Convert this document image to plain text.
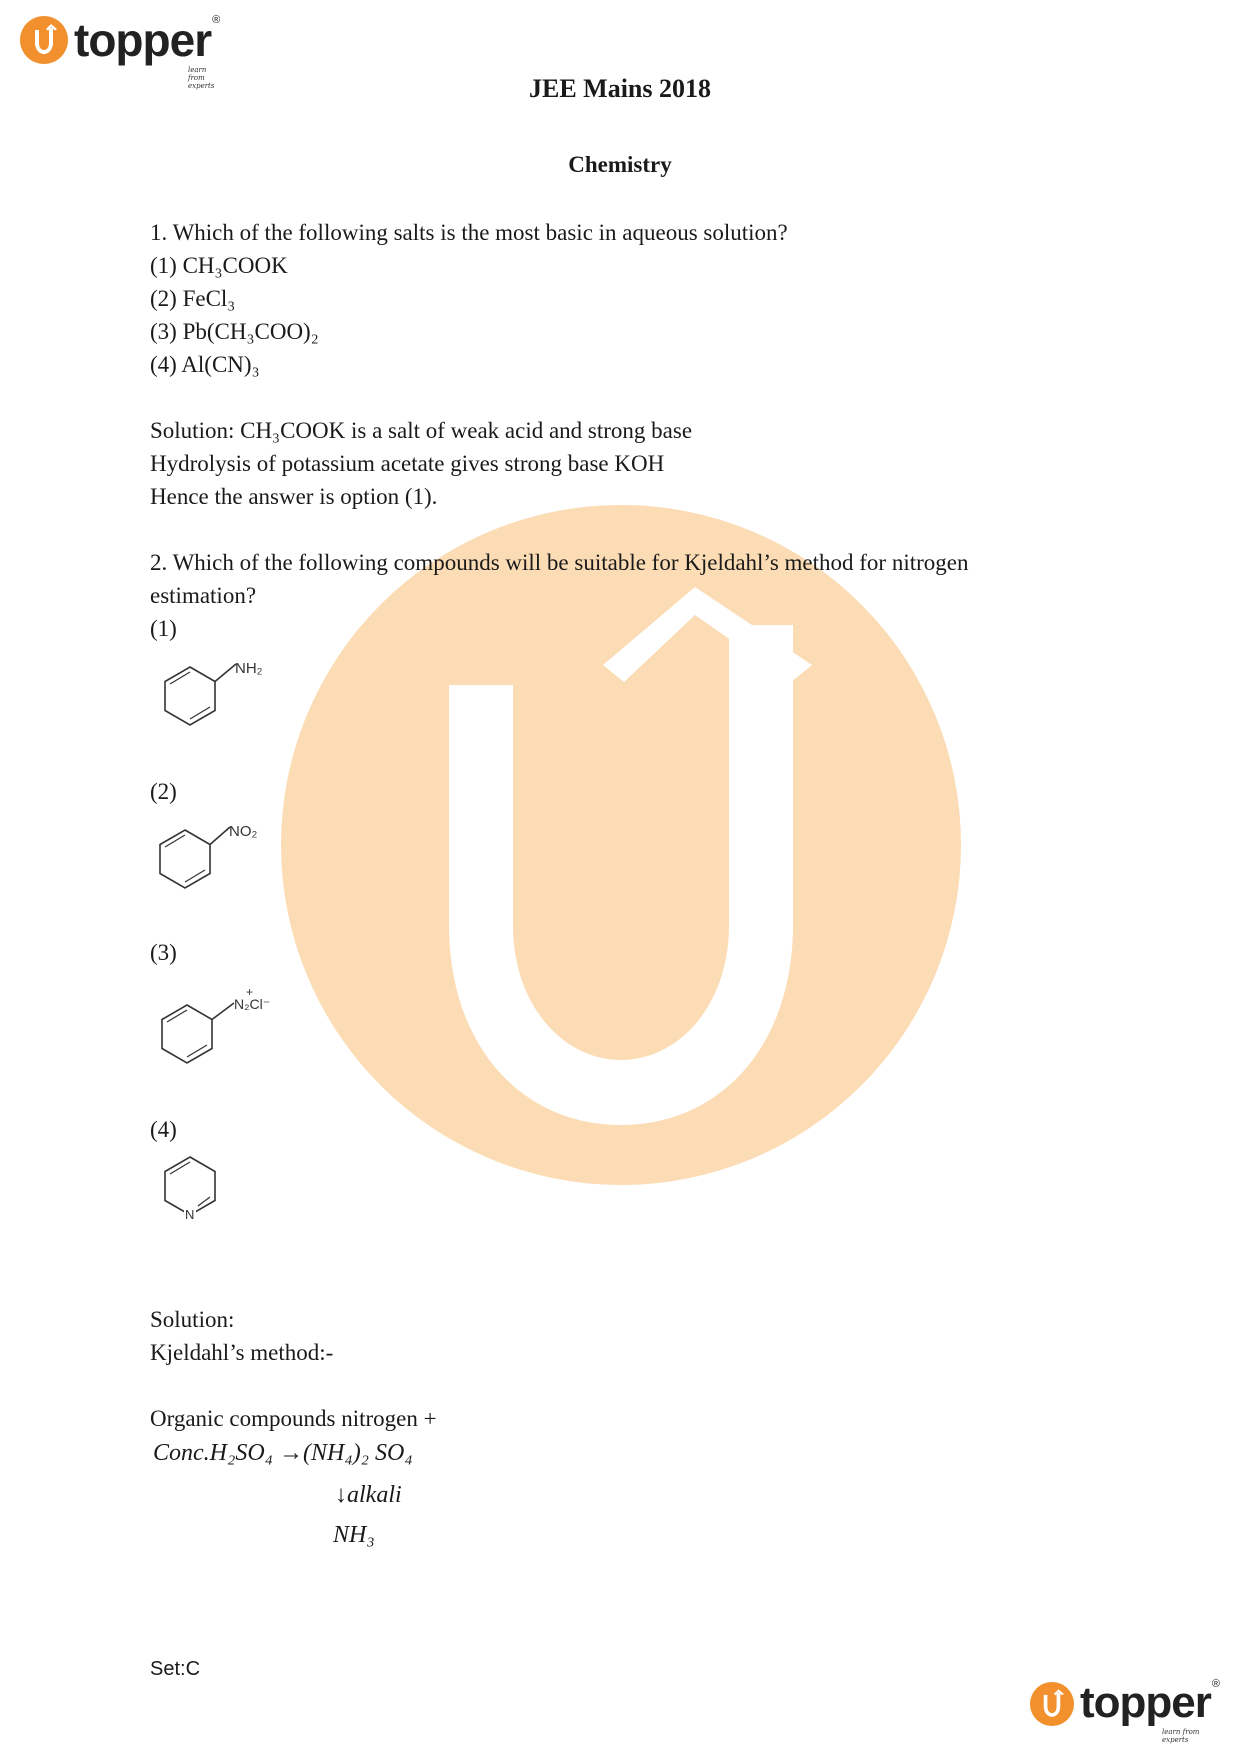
topper ®
learn from experts	JEE Mains 2018
Chemistry
1. Which of the following salts is the most basic in aqueous solution?
(1) CH₃COOK
(2) FeCl₃
(3) Pb(CH₃COO)₂
(4) Al(CN)₃
Solution: CH₃COOK is a salt of weak acid and strong base
Hydrolysis of potassium acetate gives strong base KOH
Hence the answer is option (1).
2. Which of the following compounds will be suitable for Kjeldahl’s method for nitrogen
estimation?
(1)
NH₂
(2)
NO₂
(3)
+
N₂Cl⁻
(4)
N
Solution:
Kjeldahl’s method:-
Organic compounds nitrogen +
Conc.H₂SO₄ →(NH₄)₂ SO₄
↓alkali
NH₃
Set:C
topper ®
learn from experts
